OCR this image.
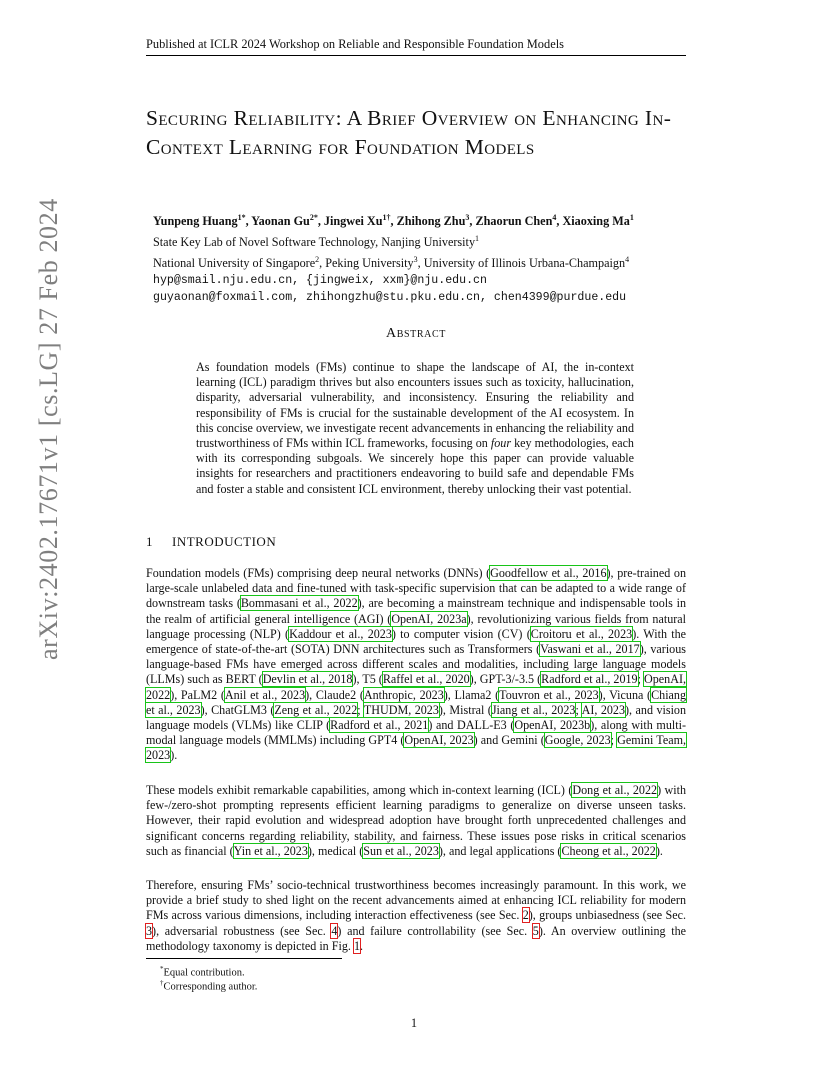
Published at ICLR 2024 Workshop on Reliable and Responsible Foundation Models
arXiv:2402.17671v1 [cs.LG] 27 Feb 2024
Securing Reliability: A Brief Overview on Enhancing In-Context Learning for Foundation Models
Yunpeng Huang$^{1*}$, Yaonan $Gu^{2*}$, Jingwei $Xu^{1\dagger}$, Zhihong Zhu$^3$, Zhaorun Chen$^4$, Xiaoxing Ma$^1$
State Key Lab of Novel Software Technology, Nanjing University$^1$
National University of Singapore$^2$, Peking University$^3$, University of Illinois Urbana-Champaign$^4$
hyp@smail.nju.edu.cn, {jingweix, xxm}@nju.edu.cn
guyaonan@foxmail.com, zhihongzhu@stu.pku.edu.cn, chen4399@purdue.edu
Abstract
As foundation models (FMs) continue to shape the landscape of AI, the in-context learning (ICL) paradigm thrives but also encounters issues such as toxicity, hallucination, disparity, adversarial vulnerability, and inconsistency. Ensuring the reliability and responsibility of FMs is crucial for the sustainable development of the AI ecosystem. In this concise overview, we investigate recent advancements in enhancing the reliability and trustworthiness of FMs within ICL frameworks, focusing on four key methodologies, each with its corresponding subgoals. We sincerely hope this paper can provide valuable insights for researchers and practitioners endeavoring to build safe and dependable FMs and foster a stable and consistent ICL environment, thereby unlocking their vast potential.
1 INTRODUCTION

Foundation models (FMs) comprising deep neural networks (DNNs) (Goodfellow et al., 2016), pre-trained on large-scale unlabeled data and fine-tuned with task-specific supervision that can be adapted to a wide range of downstream tasks (Bommasani et al., 2022), are becoming a mainstream technique and indispensable tools in the realm of artificial general intelligence (AGI) (OpenAI, 2023a), revolutionizing various fields from natural language processing (NLP) (Kaddour et al., 2023) to computer vision (CV) (Croitoru et al., 2023). With the emergence of state-of-the-art (SOTA) DNN architectures such as Transformers (Vaswani et al., 2017), various language-based FMs have emerged across different scales and modalities, including large language models (LLMs) such as BERT (Devlin et al., 2018), T5 (Raffel et al., 2020), GPT-3/-3.5 (Radford et al., 2019; OpenAI, 2022), PaLM2 (Anil et al., 2023), Claude2 (Anthropic, 2023), Llama2 (Touvron et al., 2023), Vicuna (Chiang et al., 2023), ChatGLM3 (Zeng et al., 2022; THUDM, 2023), Mistral (Jiang et al., 2023; AI, 2023), and vision language models (VLMs) like CLIP (Radford et al., 2021) and DALL-E3 (OpenAI, 2023b), along with multi-modal language models (MMLMs) including GPT4 (OpenAI, 2023) and Gemini (Google, 2023; Gemini Team, 2023).

These models exhibit remarkable capabilities, among which in-context learning (ICL) (Dong et al., 2022) with few-/zero-shot prompting represents efficient learning paradigms to generalize on diverse unseen tasks. However, their rapid evolution and widespread adoption have brought forth unprecedented challenges and significant concerns regarding reliability, stability, and fairness. These issues pose risks in critical scenarios such as financial (Yin et al., 2023), medical (Sun et al., 2023), and legal applications (Cheong et al., 2022).

Therefore, ensuring FMs’ socio-technical trustworthiness becomes increasingly paramount. In this work, we provide a brief study to shed light on the recent advancements aimed at enhancing ICL reliability for modern FMs across various dimensions, including interaction effectiveness (see Sec. 2), groups unbiasedness (see Sec. 3), adversarial robustness (see Sec. 4) and failure controllability (see Sec. 5). An overview outlining the methodology taxonomy is depicted in Fig. 1.

*Equal contribution.
†Corresponding author.
1
